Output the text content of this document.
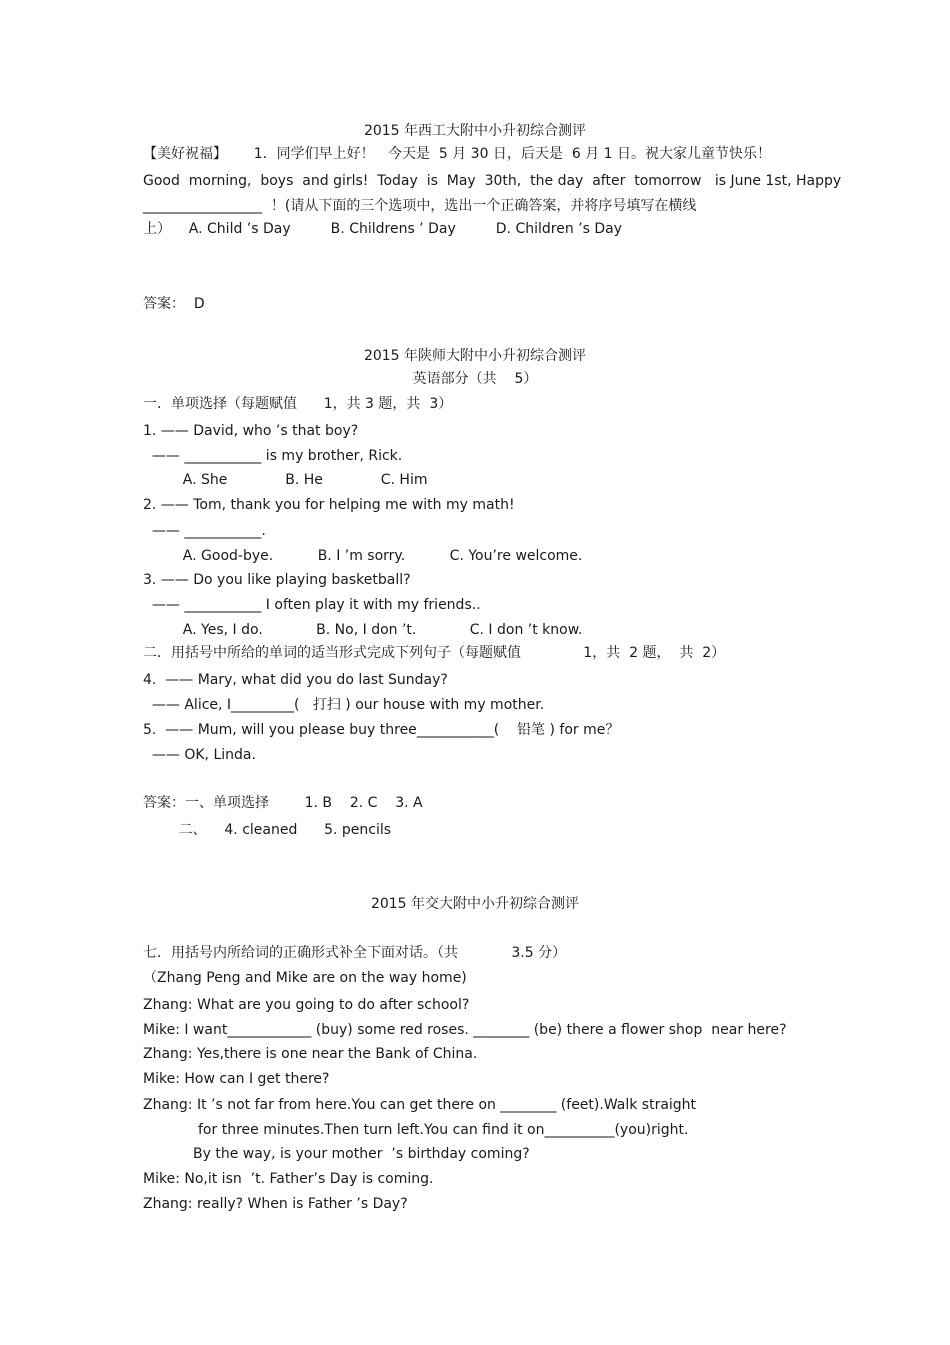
2015 年西工大附中小升初综合测评
【美好祝福】      1．同学们早上好！   今天是  5 月 30 日，后天是  6 月 1 日。祝大家儿童节快乐！
Good  morning,  boys  and girls!  Today  is  May  30th,  the day  after  tomorrow   is June 1st, Happy
_________________  ！(请从下面的三个选项中，选出一个正确答案，并将序号填写在横线
上）    A. Child ’s Day         B. Childrens ’ Day         D. Children ’s Day
答案：  D
2015 年陕师大附中小升初综合测评
英语部分（共    5）
一．单项选择（每题赋值      1，共 3 题，共  3）
1. —— David, who ’s that boy?
—— ___________ is my brother, Rick.
A. She             B. He             C. Him
2. —— Tom, thank you for helping me with my math!
—— ___________.
A. Good-bye.          B. I ’m sorry.          C. You’re welcome.
3. —— Do you like playing basketball?
—— ___________ I often play it with my friends..
A. Yes, I do.            B. No, I don ’t.            C. I don ’t know.
二．用括号中所给的单词的适当形式完成下列句子（每题赋值              1，共  2 题，  共  2）
4.  —— Mary, what did you do last Sunday?
—— Alice, I_________(   打扫 ) our house with my mother.
5.  —— Mum, will you please buy three___________(    铅笔 ) for me？
—— OK, Linda.
答案：一、单项选择        1. B    2. C    3. A
二、    4. cleaned      5. pencils
2015 年交大附中小升初综合测评
七．用括号内所给词的正确形式补全下面对话。（共            3.5 分）
（Zhang Peng and Mike are on the way home)
Zhang: What are you going to do after school?
Mike: I want____________ (buy) some red roses. ________ (be) there a flower shop  near here?
Zhang: Yes,there is one near the Bank of China.
Mike: How can I get there?
Zhang: It ’s not far from here.You can get there on ________ (feet).Walk straight
for three minutes.Then turn left.You can find it on__________(you)right.
By the way, is your mother  ’s birthday coming?
Mike: No,it isn  ’t. Father’s Day is coming.
Zhang: really? When is Father ’s Day?
